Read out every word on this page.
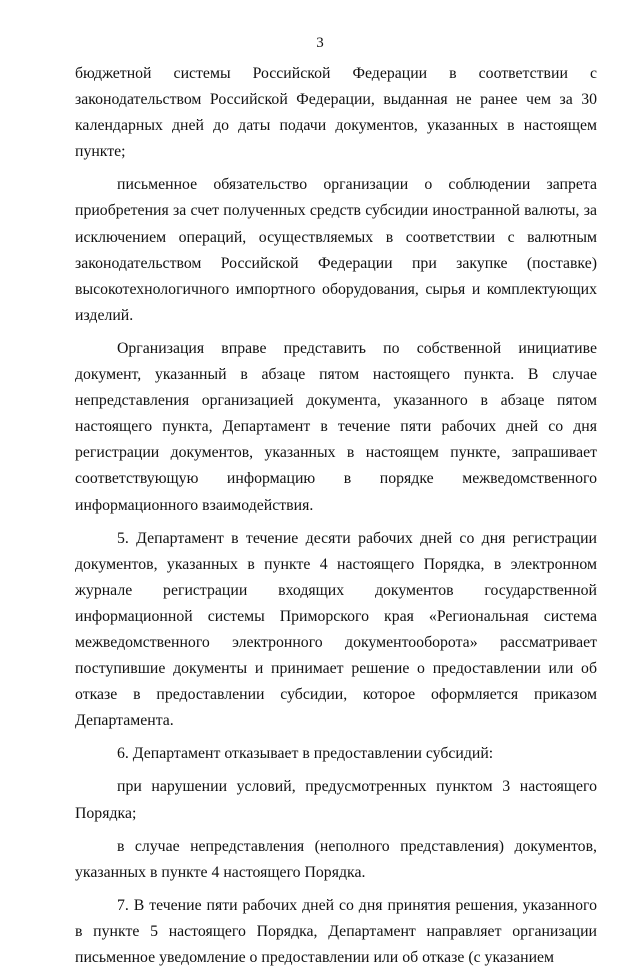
3

бюджетной системы Российской Федерации в соответствии с законодательством Российской Федерации, выданная не ранее чем за 30 календарных дней до даты подачи документов, указанных в настоящем пункте;

письменное обязательство организации о соблюдении запрета приобретения за счет полученных средств субсидии иностранной валюты, за исключением операций, осуществляемых в соответствии с валютным законодательством Российской Федерации при закупке (поставке) высокотехнологичного импортного оборудования, сырья и комплектующих изделий.

Организация вправе представить по собственной инициативе документ, указанный в абзаце пятом настоящего пункта. В случае непредставления организацией документа, указанного в абзаце пятом настоящего пункта, Департамент в течение пяти рабочих дней со дня регистрации документов, указанных в настоящем пункте, запрашивает соответствующую информацию в порядке межведомственного информационного взаимодействия.

5. Департамент в течение десяти рабочих дней со дня регистрации документов, указанных в пункте 4 настоящего Порядка, в электронном журнале регистрации входящих документов государственной информационной системы Приморского края «Региональная система межведомственного электронного документооборота» рассматривает поступившие документы и принимает решение о предоставлении или об отказе в предоставлении субсидии, которое оформляется приказом Департамента.

6. Департамент отказывает в предоставлении субсидий:

при нарушении условий, предусмотренных пунктом 3 настоящего Порядка;

в случае непредставления (неполного представления) документов, указанных в пункте 4 настоящего Порядка.

7. В течение пяти рабочих дней со дня принятия решения, указанного в пункте 5 настоящего Порядка, Департамент направляет организации письменное уведомление о предоставлении или об отказе (с указанием
